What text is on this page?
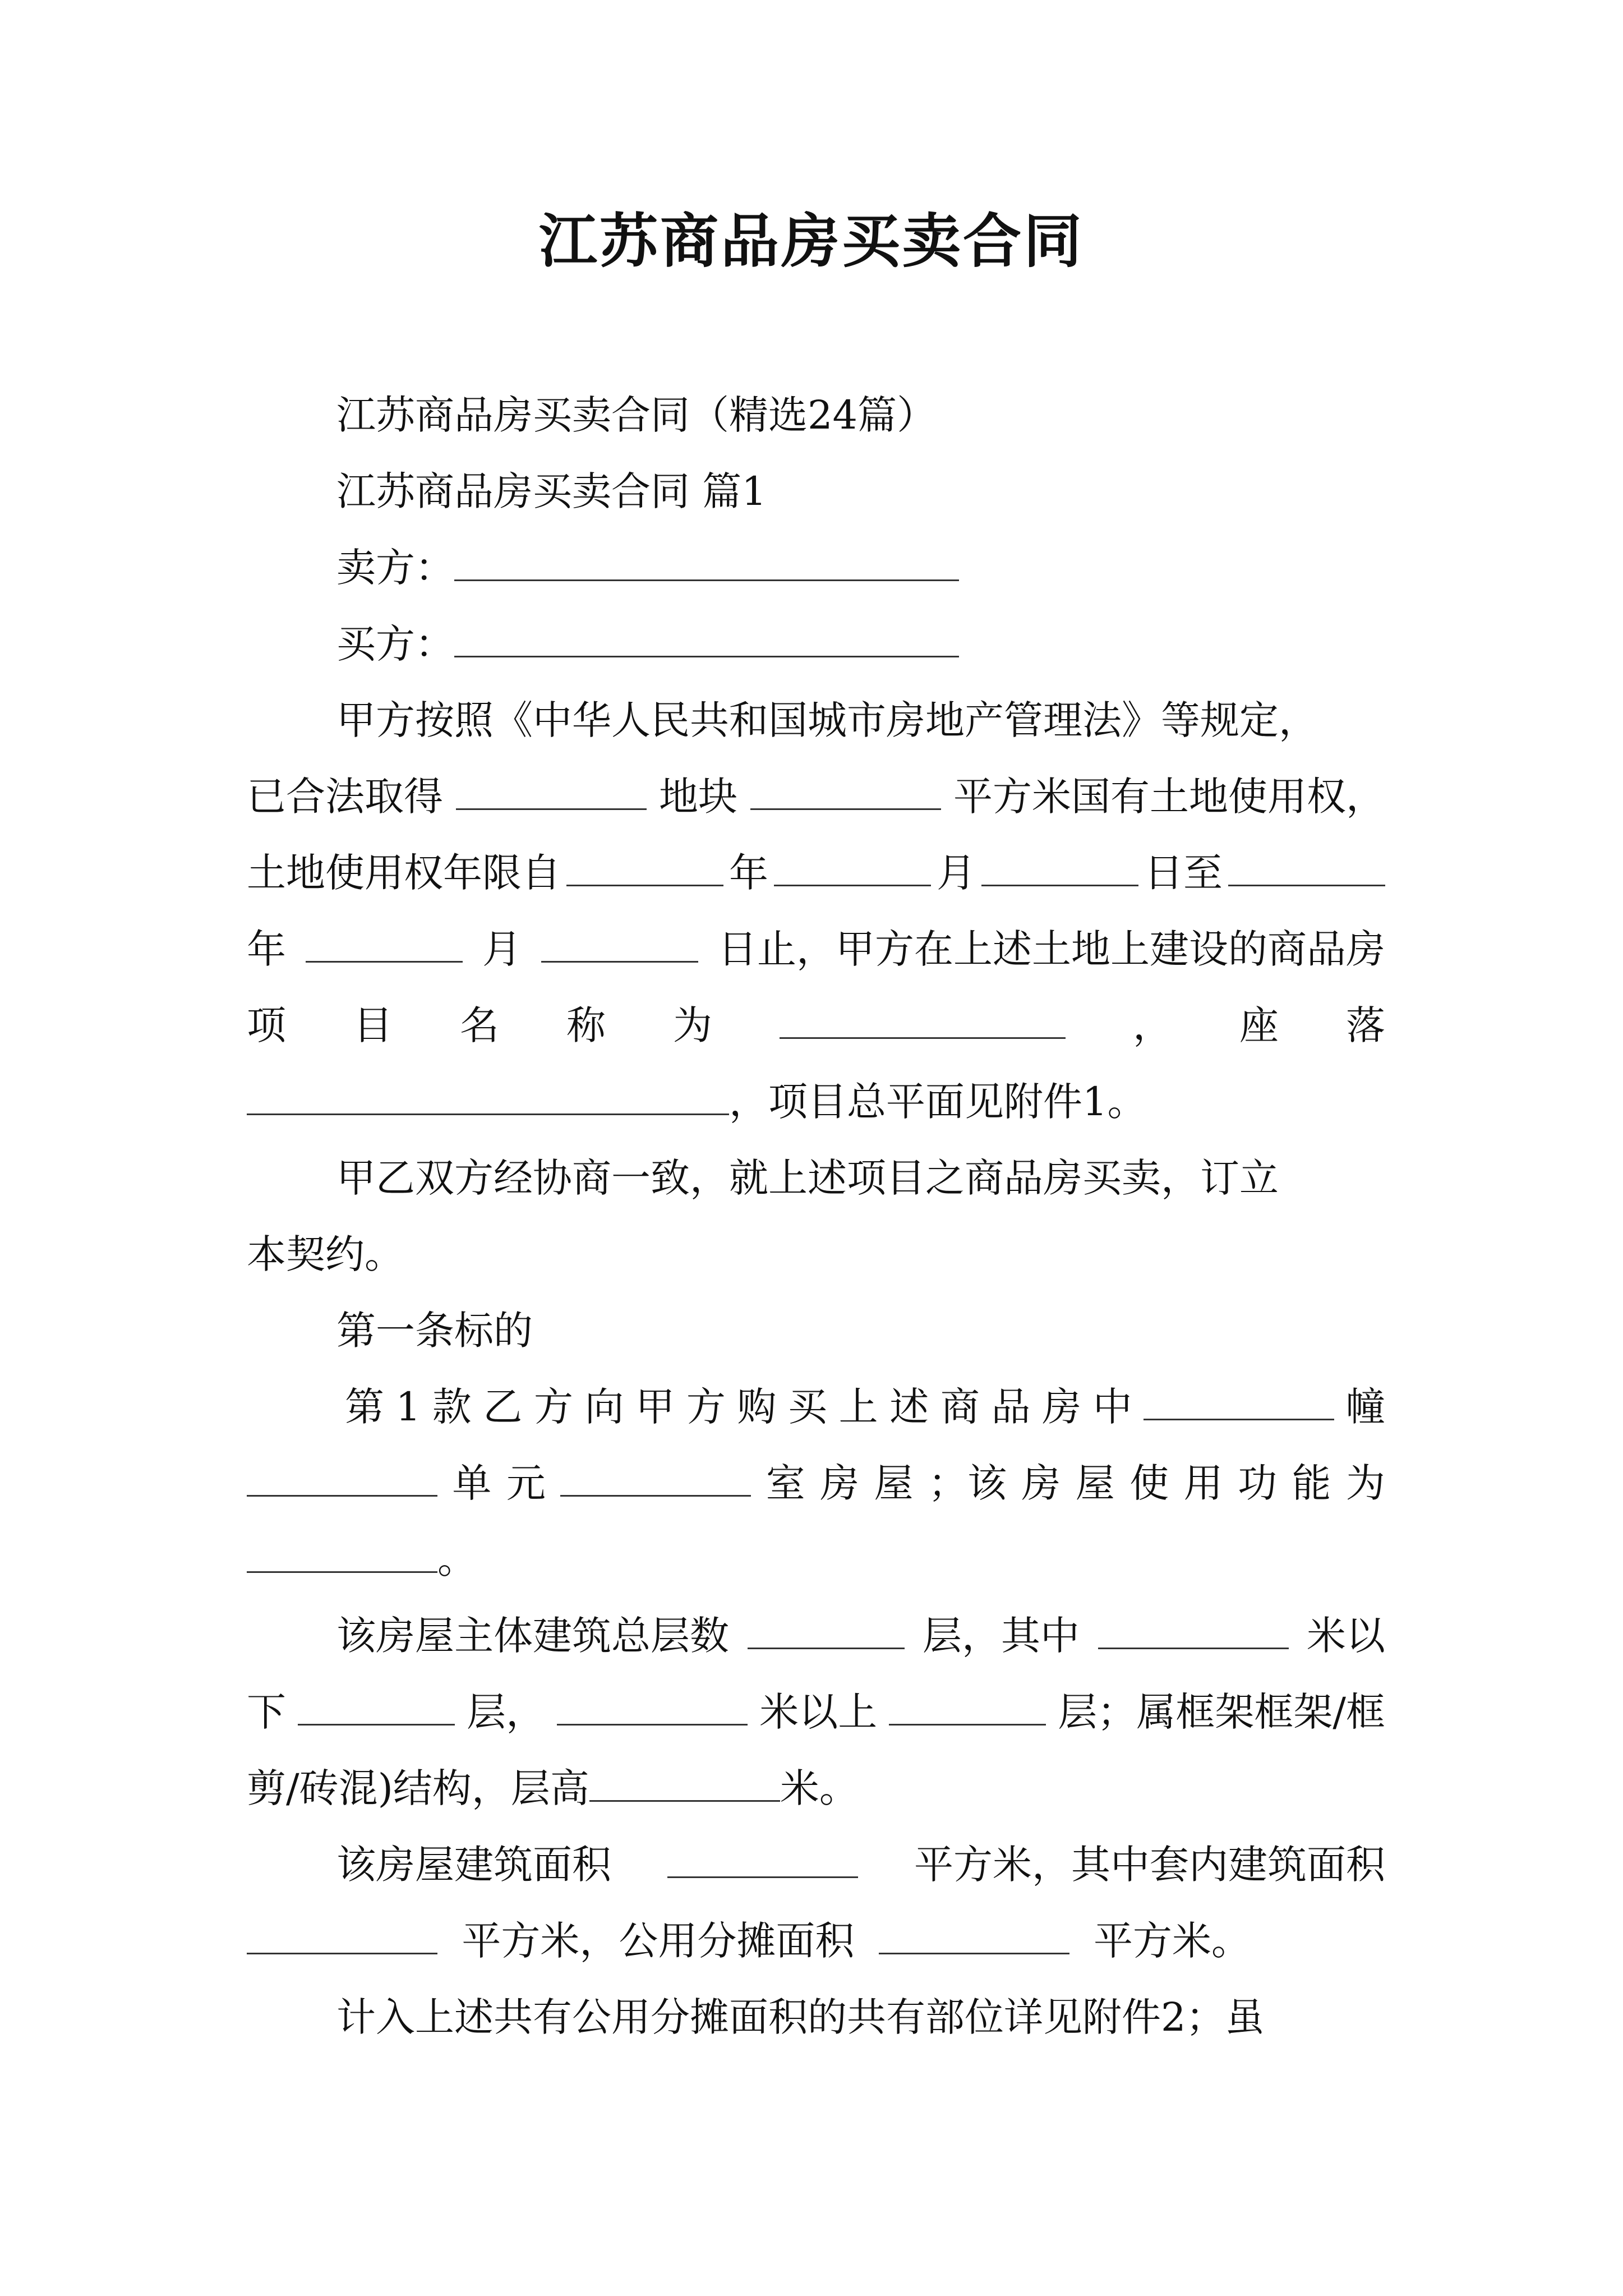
江苏商品房买卖合同
江苏商品房买卖合同（精选24篇）
江苏商品房买卖合同 篇1
卖方：
买方：
甲方按照《中华人民共和国城市房地产管理法》等规定，
已合法取得	地块	平方米国有土地使用权，
土地使用权年限自	年	月	日至
年	月	日止，甲方在上述土地上建设的商品房
项 目 名 称 为	， 座 落
，项目总平面见附件1。
甲乙双方经协商一致，就上述项目之商品房买卖，订立
本契约。
第一条标的
第 1 款 乙 方 向 甲 方 购 买 上 述 商 品 房 中	幢
单 元	室 房 屋 ；该 房 屋 使 用 功 能 为
。
该房屋主体建筑总层数	层，其中	米以
下	层，	米以上	层；属框架框架/框
剪/砖混)结构，层高	米。
该房屋建筑面积	平方米，其中套内建筑面积
平方米，公用分摊面积	平方米。
计入上述共有公用分摊面积的共有部位详见附件2；虽
